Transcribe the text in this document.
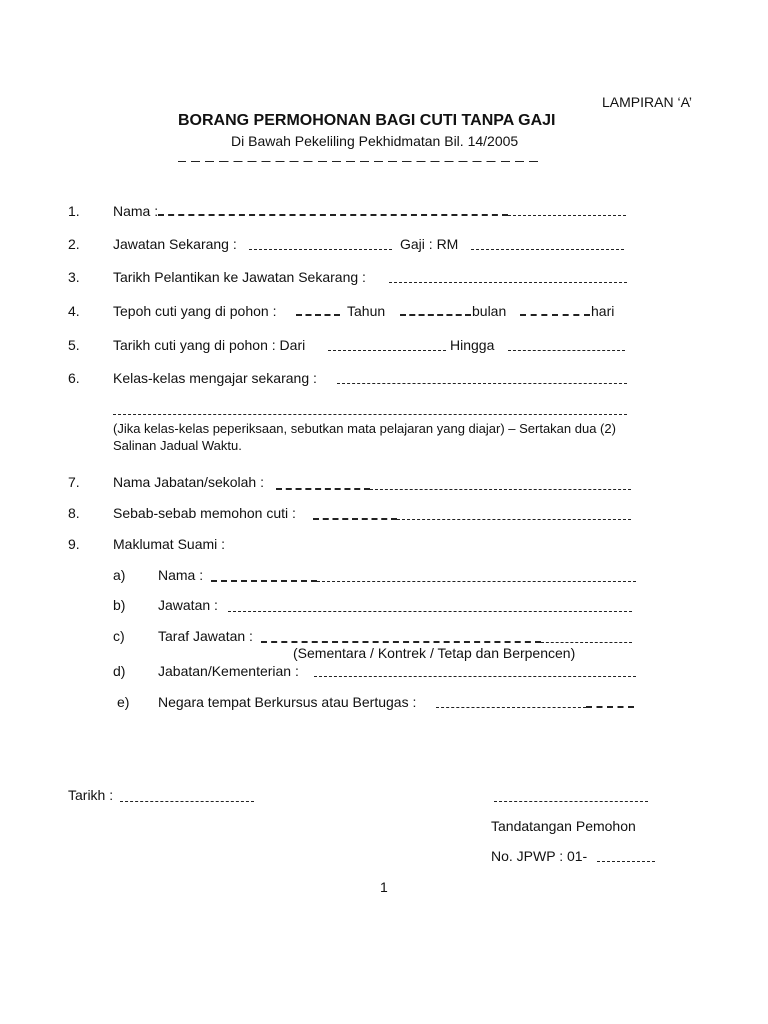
LAMPIRAN ‘A’
BORANG PERMOHONAN BAGI CUTI TANPA GAJI
Di Bawah Pekeliling Pekhidmatan Bil. 14/2005
1. Nama :
2. Jawatan Sekarang :	Gaji : RM
3. Tarikh Pelantikan ke Jawatan Sekarang :
4. Tepoh cuti yang di pohon :	Tahun	bulan	hari
5. Tarikh cuti yang di pohon : Dari	Hingga
6. Kelas-kelas mengajar sekarang :
(Jika kelas-kelas peperiksaan, sebutkan mata pelajaran yang diajar) – Sertakan dua (2)
Salinan Jadual Waktu.
7. Nama Jabatan/sekolah :
8. Sebab-sebab memohon cuti :
9. Maklumat Suami :
a) Nama :
b) Jawatan :
c) Taraf Jawatan :
(Sementara / Kontrek / Tetap dan Berpencen)
d) Jabatan/Kementerian :
e) Negara tempat Berkursus atau Bertugas :
Tarikh :
Tandatangan Pemohon
No. JPWP : 01-
1
